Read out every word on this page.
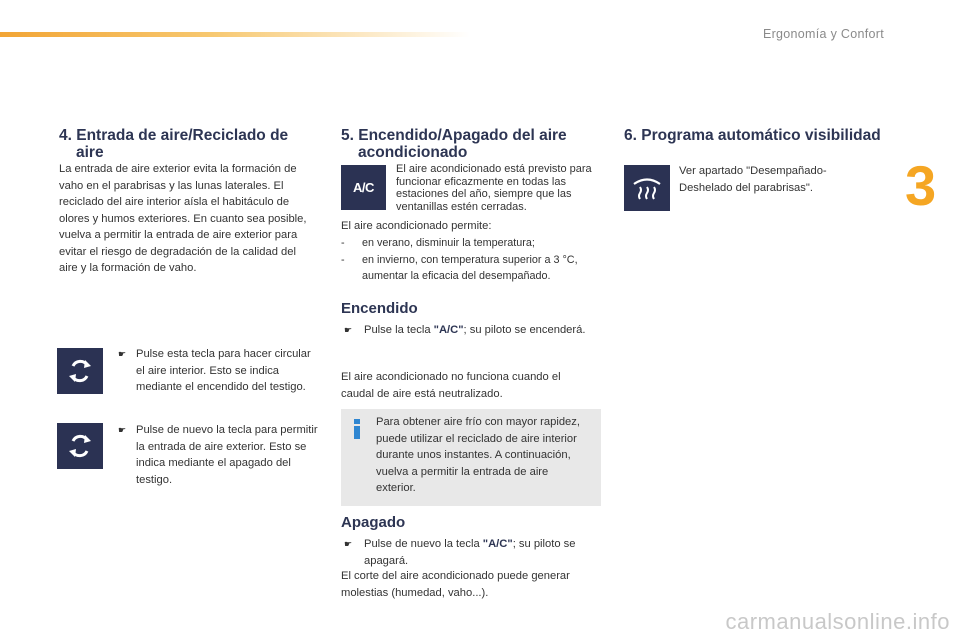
Ergonomía y Confort
3
4. Entrada de aire/Reciclado de aire

La entrada de aire exterior evita la formación de vaho en el parabrisas y las lunas laterales. El reciclado del aire interior aísla el habitáculo de olores y humos exteriores. En cuanto sea posible, vuelva a permitir la entrada de aire exterior para evitar el riesgo de degradación de la calidad del aire y la formación de vaho.

☛ Pulse esta tecla para hacer circular el aire interior. Esto se indica mediante el encendido del testigo.
☛ Pulse de nuevo la tecla para permitir la entrada de aire exterior. Esto se indica mediante el apagado del testigo.
5. Encendido/Apagado del aire acondicionado
A/C

El aire acondicionado está previsto para funcionar eficazmente en todas las estaciones del año, siempre que las ventanillas estén cerradas.

El aire acondicionado permite:

- en verano, disminuir la temperatura;
- en invierno, con temperatura superior a 3 °C, aumentar la eficacia del desempañado.
Encendido
☛ Pulse la tecla "A/C"; su piloto se encenderá.

El aire acondicionado no funciona cuando el caudal de aire está neutralizado.

Para obtener aire frío con mayor rapidez, puede utilizar el reciclado de aire interior durante unos instantes. A continuación, vuelva a permitir la entrada de aire exterior.

Apagado
☛ Pulse de nuevo la tecla "A/C"; su piloto se apagará.

El corte del aire acondicionado puede generar molestias (humedad, vaho...).

6. Programa automático visibilidad

Ver apartado "Desempañado-Deshelado del parabrisas".

carmanualsonline.info
